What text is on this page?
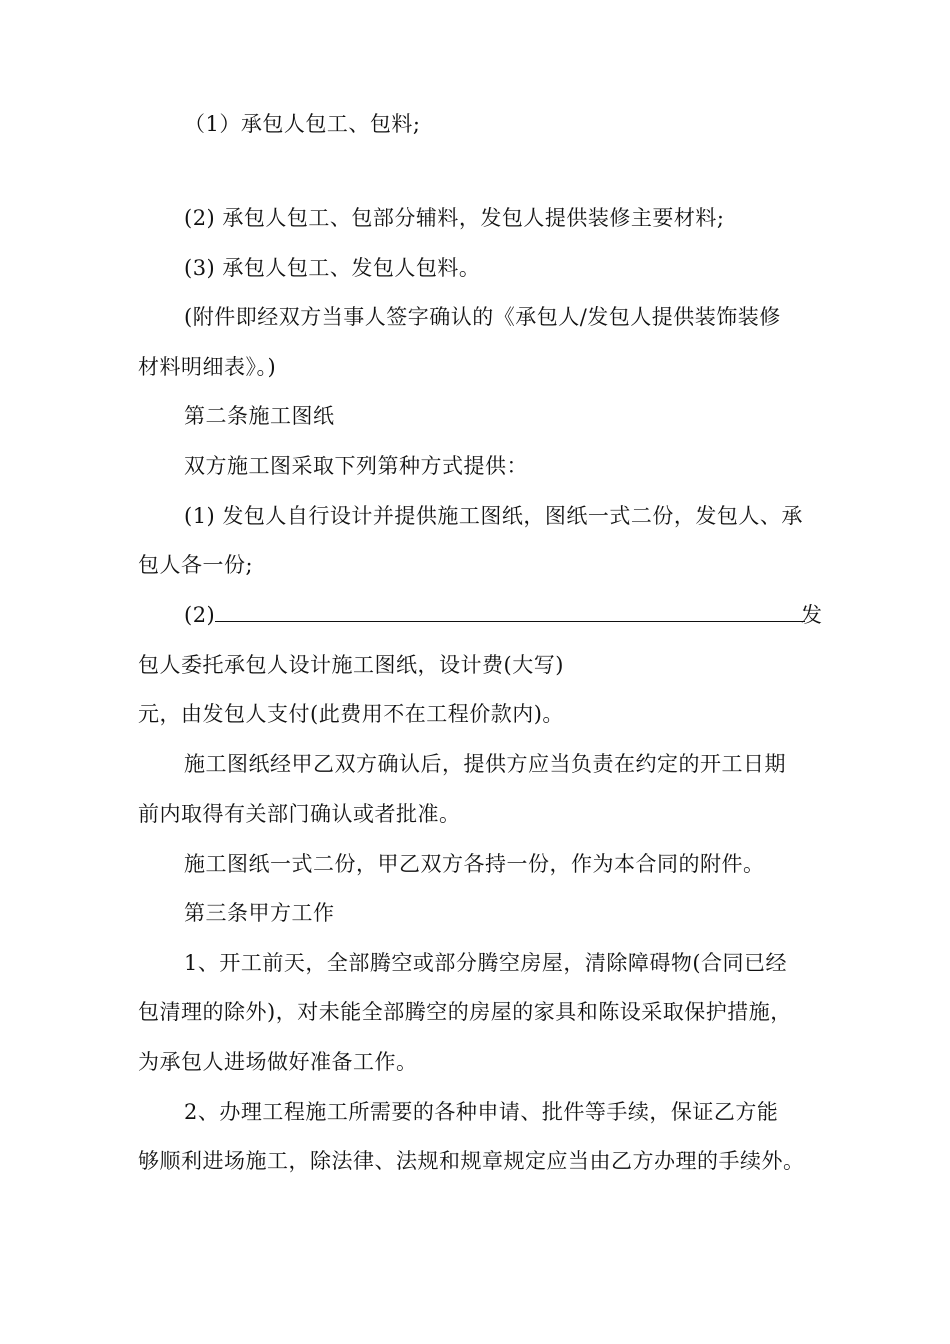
（1）承包人包工、包料;
(2) 承包人包工、包部分辅料，发包人提供装修主要材料;
(3) 承包人包工、发包人包料。
(附件即经双方当事人签字确认的《承包人/发包人提供装饰装修
材料明细表》。)
第二条施工图纸
双方施工图采取下列第种方式提供：
(1) 发包人自行设计并提供施工图纸，图纸一式二份，发包人、承
包人各一份;
(2)	发
包人委托承包人设计施工图纸，设计费(大写)
元，由发包人支付(此费用不在工程价款内)。
施工图纸经甲乙双方确认后，提供方应当负责在约定的开工日期
前内取得有关部门确认或者批准。
施工图纸一式二份，甲乙双方各持一份，作为本合同的附件。
第三条甲方工作
1、开工前天，全部腾空或部分腾空房屋，清除障碍物(合同已经
包清理的除外)，对未能全部腾空的房屋的家具和陈设采取保护措施，
为承包人进场做好准备工作。
2、办理工程施工所需要的各种申请、批件等手续，保证乙方能
够顺利进场施工，除法律、法规和规章规定应当由乙方办理的手续外。
